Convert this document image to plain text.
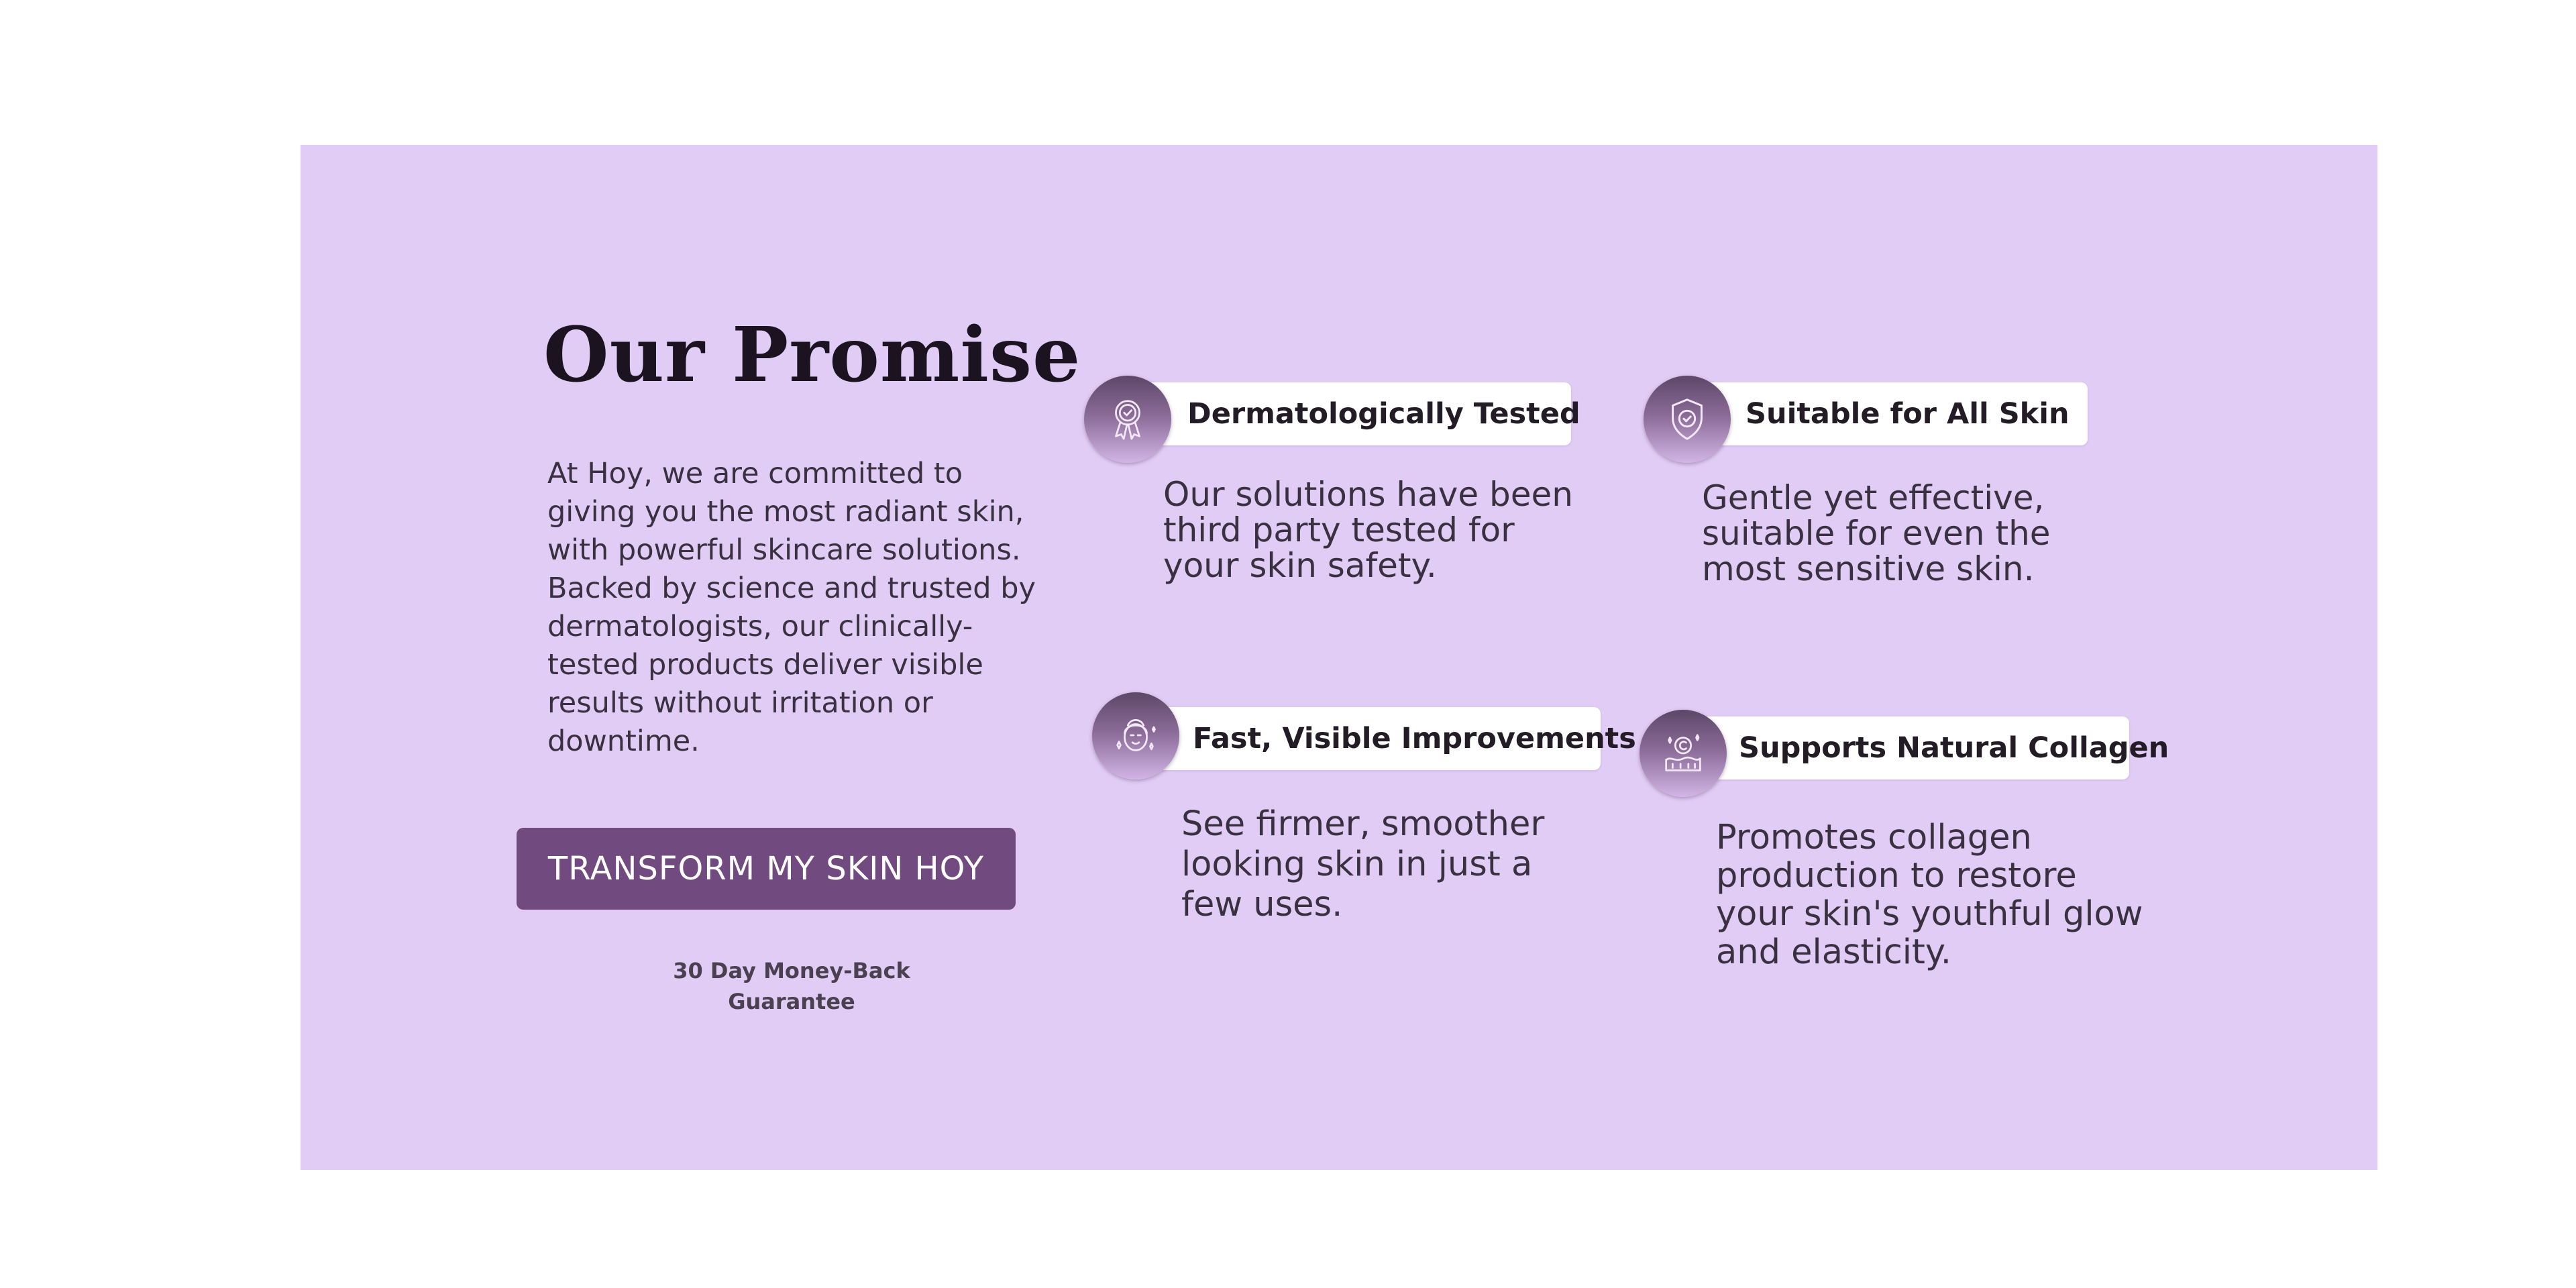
Our Promise

At Hoy, we are committed to giving you the most radiant skin, with powerful skincare solutions. Backed by science and trusted by dermatologists, our clinically-tested products deliver visible results without irritation or downtime.

TRANSFORM MY SKIN HOY

30 Day Money-Back Guarantee

Dermatologically Tested

Our solutions have been third party tested for your skin safety.

Suitable for All Skin

Gentle yet effective, suitable for even the most sensitive skin.

Fast, Visible Improvements

See firmer, smoother looking skin in just a few uses.

Supports Natural Collagen

Promotes collagen production to restore your skin's youthful glow and elasticity.
